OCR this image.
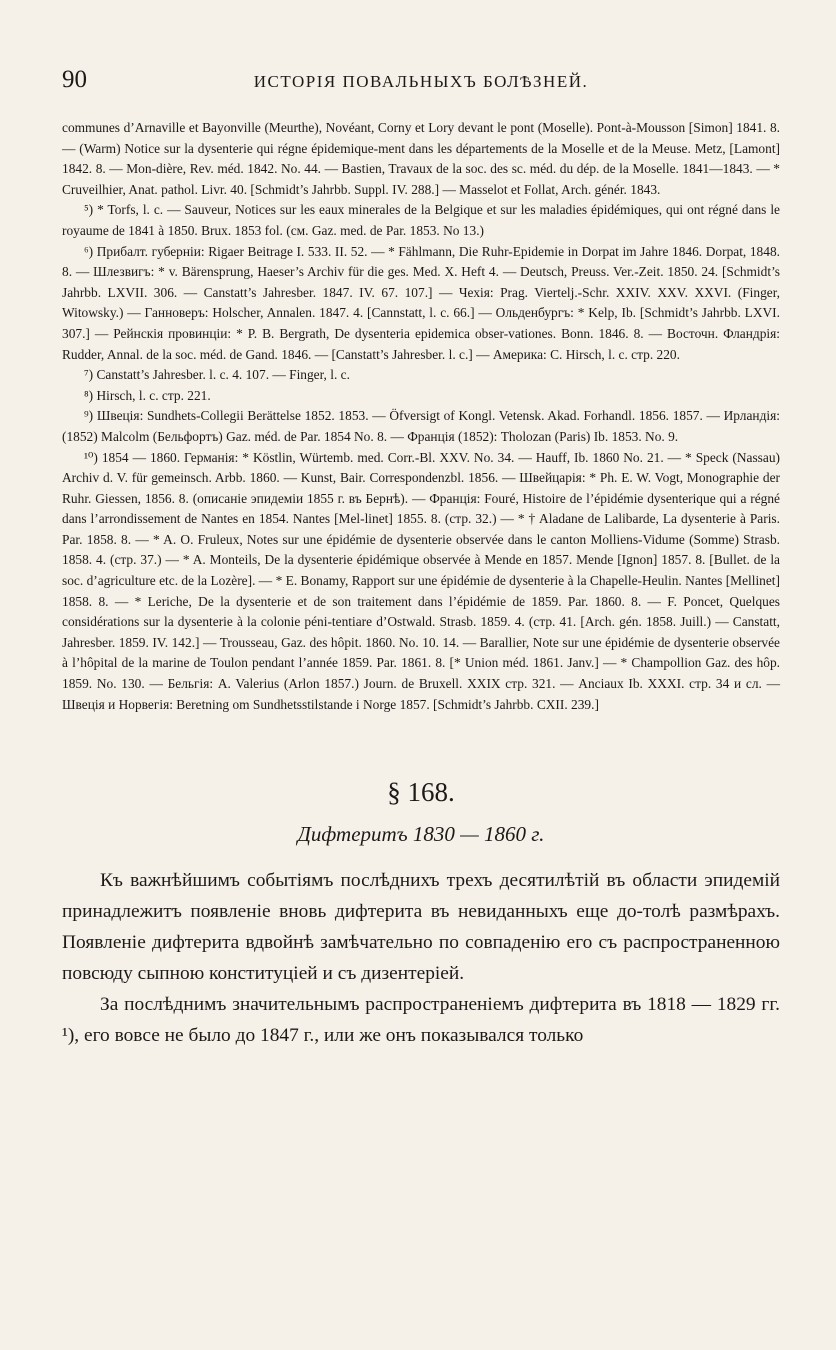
90	ИСТОРІЯ ПОВАЛЬНЫХЪ БОЛѢЗНЕЙ.

communes d’Arnaville et Bayonville (Meurthe), Novéant, Corny et Lory devant le pont (Moselle). Pont-à-Mousson [Simon] 1841. 8. — (Warm) Notice sur la dysenterie qui régne épidemique-ment dans les départements de la Moselle et de la Meuse. Metz, [Lamont] 1842. 8. — Mon-dière, Rev. méd. 1842. No. 44. — Bastien, Travaux de la soc. des sc. méd. du dép. de la Moselle. 1841—1843. — * Cruveilhier, Anat. pathol. Livr. 40. [Schmidt’s Jahrbb. Suppl. IV. 288.] — Masselot et Follat, Arch. génér. 1843.

⁵) * Torfs, l. c. — Sauveur, Notices sur les eaux minerales de la Belgique et sur les maladies épidémiques, qui ont régné dans le royaume de 1841 à 1850. Brux. 1853 fol. (см. Gaz. med. de Par. 1853. No 13.)

⁶) Прибалт. губерніи: Rigaer Beitrage I. 533. II. 52. — * Fählmann, Die Ruhr-Epidemie in Dorpat im Jahre 1846. Dorpat, 1848. 8. — Шлезвигъ: * v. Bärensprung, Haeser’s Archiv für die ges. Med. X. Heft 4. — Deutsch, Preuss. Ver.-Zeit. 1850. 24. [Schmidt’s Jahrbb. LXVII. 306. — Canstatt’s Jahresber. 1847. IV. 67. 107.] — Чехія: Prag. Viertelj.-Schr. XXIV. XXV. XXVI. (Finger, Witowsky.) — Ганноверъ: Holscher, Annalen. 1847. 4. [Cannstatt, l. c. 66.] — Ольденбургъ: * Kelp, Ib. [Schmidt’s Jahrbb. LXVI. 307.] — Рейнскія провинціи: * P. B. Bergrath, De dysenteria epidemica obser-vationes. Bonn. 1846. 8. — Восточн. Фландрія: Rudder, Annal. de la soc. méd. de Gand. 1846. — [Canstatt’s Jahresber. l. c.] — Америка: C. Hirsch, l. c. стр. 220.

⁷) Canstatt’s Jahresber. l. c. 4. 107. — Finger, l. c.

⁸) Hirsch, l. c. стр. 221.

⁹) Швеція: Sundhets-Collegii Berättelse 1852. 1853. — Öfversigt of Kongl. Vetensk. Akad. Forhandl. 1856. 1857. — Ирландія: (1852) Malcolm (Бельфортъ) Gaz. méd. de Par. 1854 No. 8. — Франція (1852): Tholozan (Paris) Ib. 1853. No. 9.

¹⁰) 1854 — 1860. Германія: * Köstlin, Würtemb. med. Corr.-Bl. XXV. No. 34. — Hauff, Ib. 1860 No. 21. — * Speck (Nassau) Archiv d. V. für gemeinsch. Arbb. 1860. — Kunst, Bair. Correspondenzbl. 1856. — Швейцарія: * Ph. E. W. Vogt, Monographie der Ruhr. Giessen, 1856. 8. (описаніе эпидеміи 1855 г. въ Бернѣ). — Франція: Fouré, Histoire de l’épidémie dysenterique qui a régné dans l’arrondissement de Nantes en 1854. Nantes [Mel-linet] 1855. 8. (стр. 32.) — * † Aladane de Lalibarde, La dysenterie à Paris. Par. 1858. 8. — * A. O. Fruleux, Notes sur une épidémie de dysenterie observée dans le canton Molliens-Vidume (Somme) Strasb. 1858. 4. (стр. 37.) — * A. Monteils, De la dysenterie épidémique observée à Mende en 1857. Mende [Ignon] 1857. 8. [Bullet. de la soc. d’agriculture etc. de la Lozère]. — * E. Bonamy, Rapport sur une épidémie de dysenterie à la Chapelle-Heulin. Nantes [Mellinet] 1858. 8. — * Leriche, De la dysenterie et de son traitement dans l’épidémie de 1859. Par. 1860. 8. — F. Poncet, Quelques considérations sur la dysenterie à la colonie péni-tentiare d’Ostwald. Strasb. 1859. 4. (стр. 41. [Arch. gén. 1858. Juill.) — Canstatt, Jahresber. 1859. IV. 142.] — Trousseau, Gaz. des hôpit. 1860. No. 10. 14. — Barallier, Note sur une épidémie de dysenterie observée à l’hôpital de la marine de Toulon pendant l’année 1859. Par. 1861. 8. [* Union méd. 1861. Janv.] — * Champollion Gaz. des hôp. 1859. No. 130. — Бельгія: A. Valerius (Arlon 1857.) Journ. de Bruxell. XXIX стр. 321. — Anciaux Ib. XXXI. стр. 34 и сл. — Швеція и Норвегія: Beretning om Sundhetsstilstande i Norge 1857. [Schmidt’s Jahrbb. CXII. 239.]

§ 168.
Дифтеритъ 1830 — 1860 г.

Къ важнѣйшимъ событіямъ послѣднихъ трехъ десятилѣтій въ области эпидемій принадлежитъ появленіе вновь дифтерита въ невиданныхъ еще до-толѣ размѣрахъ. Появленіе дифтерита вдвойнѣ замѣчательно по совпаденію его съ распространенною повсюду сыпною конституціей и съ дизентеріей.

За послѣднимъ значительнымъ распространеніемъ дифтерита въ 1818 — 1829 гг. ¹), его вовсе не было до 1847 г., или же онъ показывался только
